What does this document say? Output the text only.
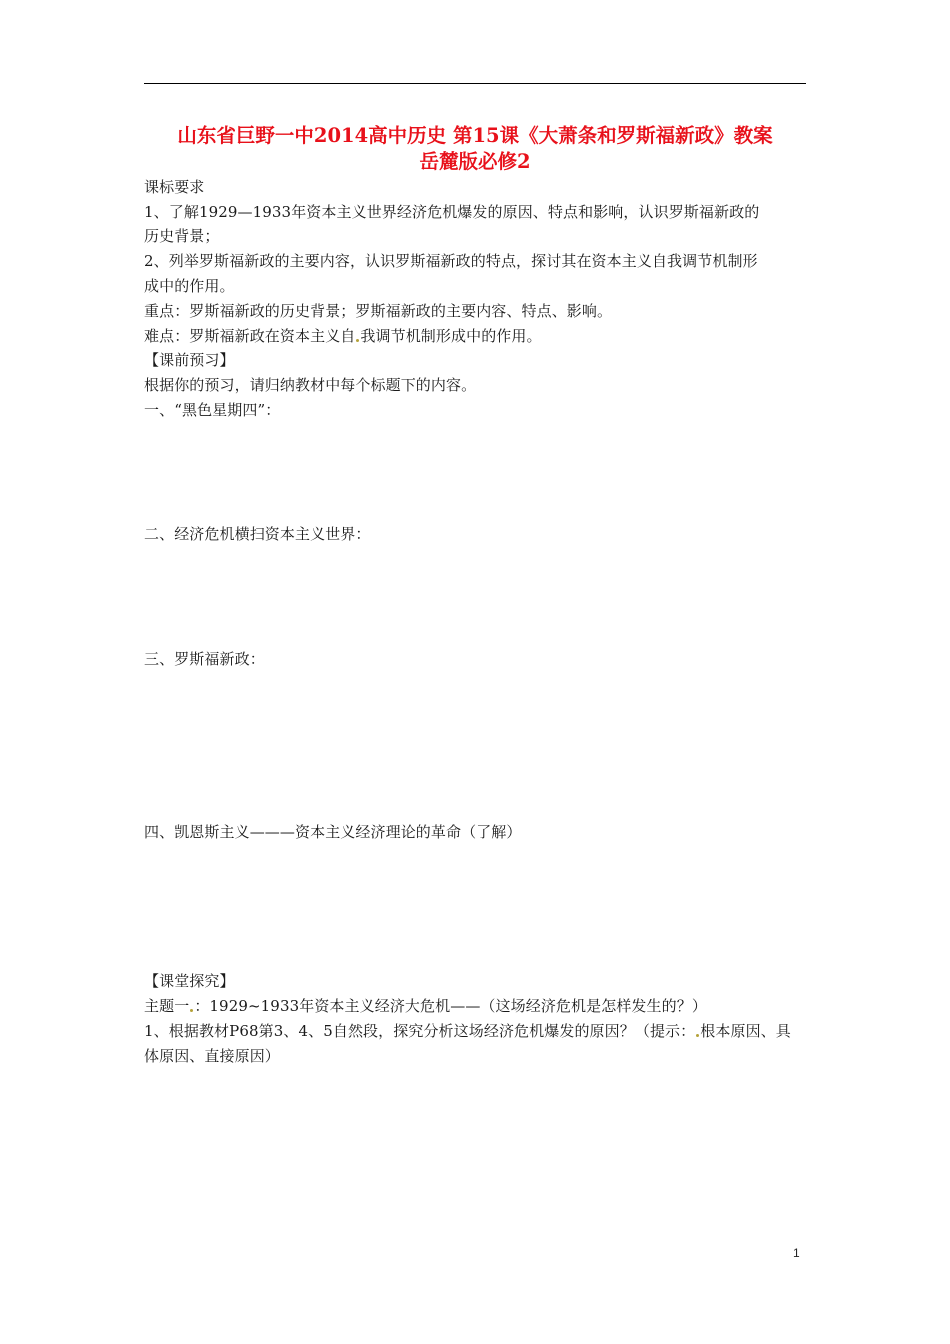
山东省巨野一中2014高中历史 第15课《大萧条和罗斯福新政》教案
岳麓版必修2
课标要求
1、了解1929—1933年资本主义世界经济危机爆发的原因、特点和影响，认识罗斯福新政的
历史背景；
2、列举罗斯福新政的主要内容，认识罗斯福新政的特点，探讨其在资本主义自我调节机制形
成中的作用。
重点：罗斯福新政的历史背景；罗斯福新政的主要内容、特点、影响。
难点：罗斯福新政在资本主义自 我调节机制形成中的作用。
【课前预习】
根据你的预习，请归纳教材中每个标题下的内容。
一、“黑色星期四”：
二、经济危机横扫资本主义世界：
三、罗斯福新政：
四、凯恩斯主义———资本主义经济理论的革命（了解）
【课堂探究】
主题一 ：1929~1933年资本主义经济大危机——（这场经济危机是怎样发生的？）
1、根据教材P68第3、4、5自然段，探究分析这场经济危机爆发的原因？（提示： 根本原因、具
体原因、直接原因）
1
